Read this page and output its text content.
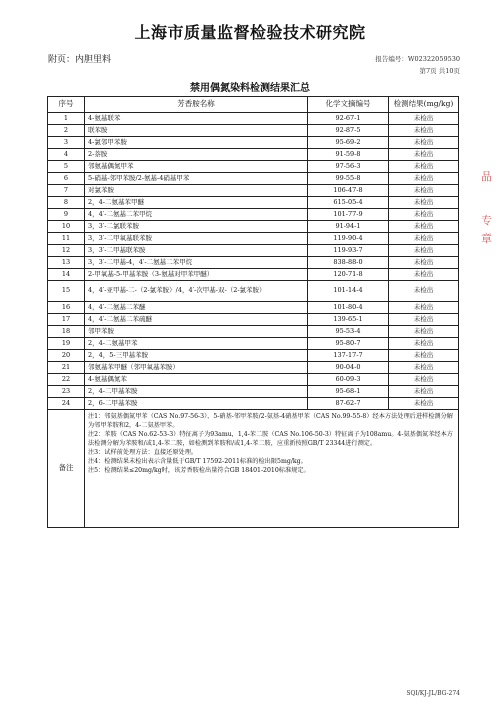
上海市质量监督检验技术研究院
附页：内胆里料	报告编号：W02322059530
第7页 共10页
禁用偶氮染料检测结果汇总
序号	芳香胺名称	化学文摘编号	检测结果(mg/kg)
1	4-氨基联苯	92-67-1	未检出
2	联苯胺	92-87-5	未检出
3	4-氯邻甲苯胺	95-69-2	未检出
4	2-萘胺	91-59-8	未检出
5	邻氨基偶氮甲苯	97-56-3	未检出
6	5-硝基-邻甲苯胺/2-氨基-4硝基甲苯	99-55-8	未检出
7	对氯苯胺	106-47-8	未检出
8	2，4-二氨基苯甲醚	615-05-4	未检出
9	4，4′-二氨基二苯甲烷	101-77-9	未检出
10	3，3′-二氯联苯胺	91-94-1	未检出
11	3，3′-二甲氧基联苯胺	119-90-4	未检出
12	3，3′-二甲基联苯胺	119-93-7	未检出
13	3，3′-二甲基-4，4′-二氨基二苯甲烷	838-88-0	未检出
14	2-甲氧基-5-甲基苯胺（3-氨基对甲苯甲醚）	120-71-8	未检出
15	4，4′-亚甲基-二-（2-氯苯胺）/4，4′-次甲基-双-（2-氯苯胺）	101-14-4	未检出
16	4，4′-二氨基二苯醚	101-80-4	未检出
17	4，4′-二氨基二苯硫醚	139-65-1	未检出
18	邻甲苯胺	95-53-4	未检出
19	2，4-二氨基甲苯	95-80-7	未检出
20	2，4，5-三甲基苯胺	137-17-7	未检出
21	邻氨基苯甲醚（邻甲氧基苯胺）	90-04-0	未检出
22	4-氨基偶氮苯	60-09-3	未检出
23	2，4-二甲基苯胺	95-68-1	未检出
24	2，6-二甲基苯胺	87-62-7	未检出
备注	注1：邻氨基偶氮甲苯（CAS No.97-56-3）、5-硝基-邻甲苯胺/2-氨基-4硝基甲苯（CAS No.99-55-8）经本方法处理后进样检测分解为邻甲苯胺和2，4-二氨基甲苯。
注2：苯胺（CAS No.62-53-3）特征离子为93amu，1,4-苯二胺（CAS No.106-50-3）特征离子为108amu。4-氨基偶氮苯经本方法检测分解为苯胺和/或1,4-苯二胺，如检测到苯胺和/或1,4-苯二胺，应重新按照GB/T 23344进行测定。
注3：试样前处理方法：直接还原处理。
注4：检测结果未检出表示含量低于GB/T 17592-2011标准的检出限5mg/kg。
注5：检测结果≤20mg/kg时，该芳香胺检出量符合GB 18401-2010标准规定。		
SQI/KJ-JL/BG-274
品
专
章
